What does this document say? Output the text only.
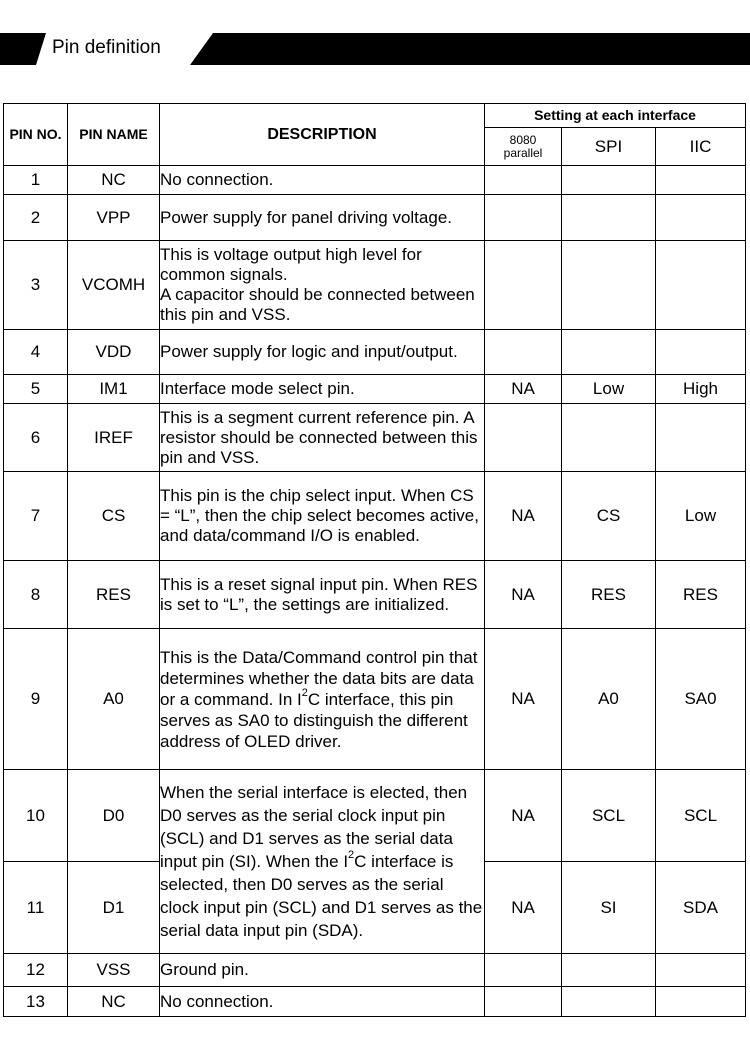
Pin definition
PIN NO.	PIN NAME	DESCRIPTION	Setting at each interface		
			8080 parallel	SPI	IIC
1	NC	No connection.			
2	VPP	Power supply for panel driving voltage.			
3	VCOMH	This is voltage output high level for common signals.
A capacitor should be connected between this pin and VSS.			

4	VDD	Power supply for logic and input/output.			
5	IM1	Interface mode select pin.	NA	Low	High
6	IREF	This is a segment current reference pin. A resistor should be connected between this pin and VSS.			
7	CS	This pin is the chip select input. When CS = “L”, then the chip select becomes active, and data/command I/O is enabled.	NA	CS	Low
8	RES	This is a reset signal input pin. When RES is set to “L”, the settings are initialized.	NA	RES	RES
9	A0	This is the Data/Command control pin that determines whether the data bits are data or a command. In $I^2C$ interface, this pin serves as SA0 to distinguish the different address of OLED driver.	NA	A0	SA0
10	D0	When the serial interface is elected, then D0 serves as the serial clock input pin (SCL) and D1 serves as the serial data input pin (SI). When the $I^2C$ interface is selected, then D0 serves as the serial clock input pin (SCL) and D1 serves as the serial data input pin (SDA).	NA	SCL	SCL
11	D1		NA	SI	SDA
12	VSS	Ground pin.			
13	NC	No connection.			
